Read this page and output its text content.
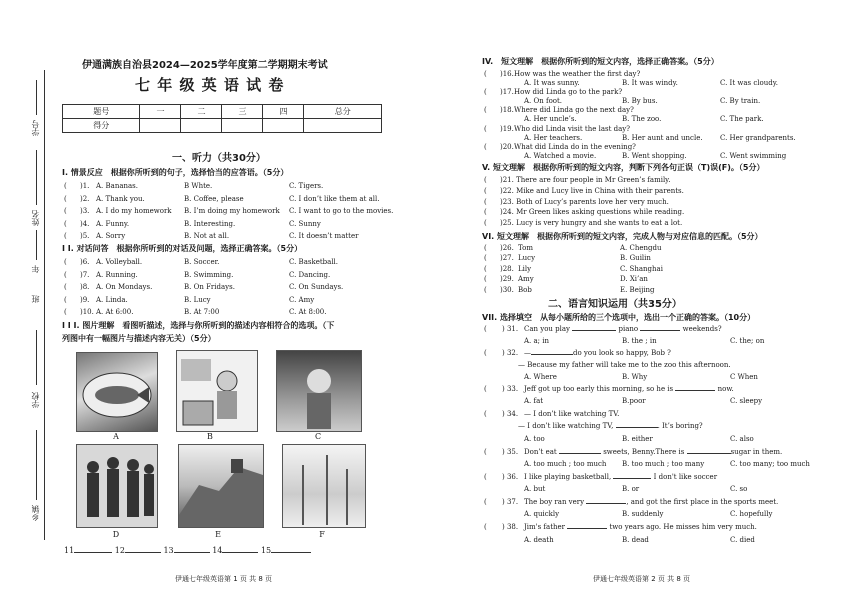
学号
姓名
班
年
学校
乡镇
伊通满族自治县2024—2025学年度第二学期期末考试
七 年 级 英 语 试 卷
题号	一	二	三	四	总分
得分					
一、听力（共30分）
I. 情景反应　根据你所听到的句子，选择恰当的应答语。（5分）
( )1. A. Bananas.	B Whte.	C. Tigers.
( )2. A. Thank you.	B. Coffee, please	C. I don’t like them at all.
( )3. A. I do my homework B. I’m doing my homework C. I want to go to the movies.
( )4. A. Funny.	B. Interesting.	C. Sunny
( )5. A. Sorry	B. Not at all.	C. It doesn’t matter
I I. 对话问答　根据你所听到的对话及问题，选择正确答案。（5分）
( )6. A. Volleyball.	B. Soccer.	C. Basketball.
( )7. A. Running.	B. Swimming.	C. Dancing.
( )8. A. On Mondays.	B. On Fridays.	C. On Sundays.
( )9. A. Linda.	B. Lucy	C. Amy
( )10. A. At 6:00.	B. At 7:00	C. At 8:00.
I I I. 图片理解　看图听描述，选择与你所听到的描述内容相符合的选项。（下
列图中有一幅图片与描述内容无关）（5分）
A	B	C
D	E	F
11	12	13	14	15
伊通七年级英语第 1 页 共 8 页
IV.　短文理解　根据你所听到的短文内容，选择正确答案。（5分）
( )16. How was the weather the first day?
A. It was sunny.	B. It was windy.	C. It was cloudy.
( )17. How did Linda go to the park?
A. On foot.	B. By bus.	C. By train.
( )18. Where did Linda go the next day?
A. Her uncle’s.	B. The zoo.	C. The park.
( )19. Who did Linda visit the last day?
A. Her teachers.	B. Her aunt and uncle. C. Her grandparents.
( )20. What did Linda do in the evening?
A. Watched a movie.	B. Went shopping.	C. Went swimming
V. 短文理解　根据你所听到的短文内容，判断下列各句正误（T)误(F)。（5分）
( )21. There are four people in Mr Green’s family.
( )22. Mike and Lucy live in China with their parents.
( )23. Both of Lucy’s parents love her very much.
( )24. Mr Green likes asking questions while reading.
( )25. Lucy is very hungry and she wants to eat a lot.
VI. 短文理解　根据你所听到的短文内容，完成人物与对应信息的匹配。（5分）
( )26. Tom	A. Chengdu
( )27. Lucy	B. Guilin
( )28. Lily	C. Shanghai
( )29. Amy	D. Xi’an
( )30. Bob	E. Beijing
二、语言知识运用（共35分）
VII. 选择填空　从每小题所给的三个选项中，选出一个正确的答案。（10分）
( ) 31. Can you play	piano	weekends?
A. a; in	B. the ; in	C. the; on
( ) 32. —	do you look so happy, Bob ?
— Because my father will take me to the zoo this afternoon.
A. Where	B. Why	C When
( ) 33. Jeff got up too early this morning, so he is	now.
A. fat	B.poor	C. sleepy
( ) 34. — I don’t like watching TV.
— I don’t like watching TV,	. It’s boring?
A. too	B. either	C. also
( ) 35. Don’t eat	sweets, Benny.There is	sugar in them.
A. too much ; too much B. too much ; too many	C. too many; too much
( ) 36. I like playing basketball,	I don't like soccer
A. but	B. or	C. so
( ) 37. The boy ran very	, and got the first place in the sports meet.
A. quickly	B. suddenly	C. hopefully
( ) 38. Jim's father	two years ago. He misses him very much.
A. death	B. dead	C. died
伊通七年级英语第 2 页 共 8 页
